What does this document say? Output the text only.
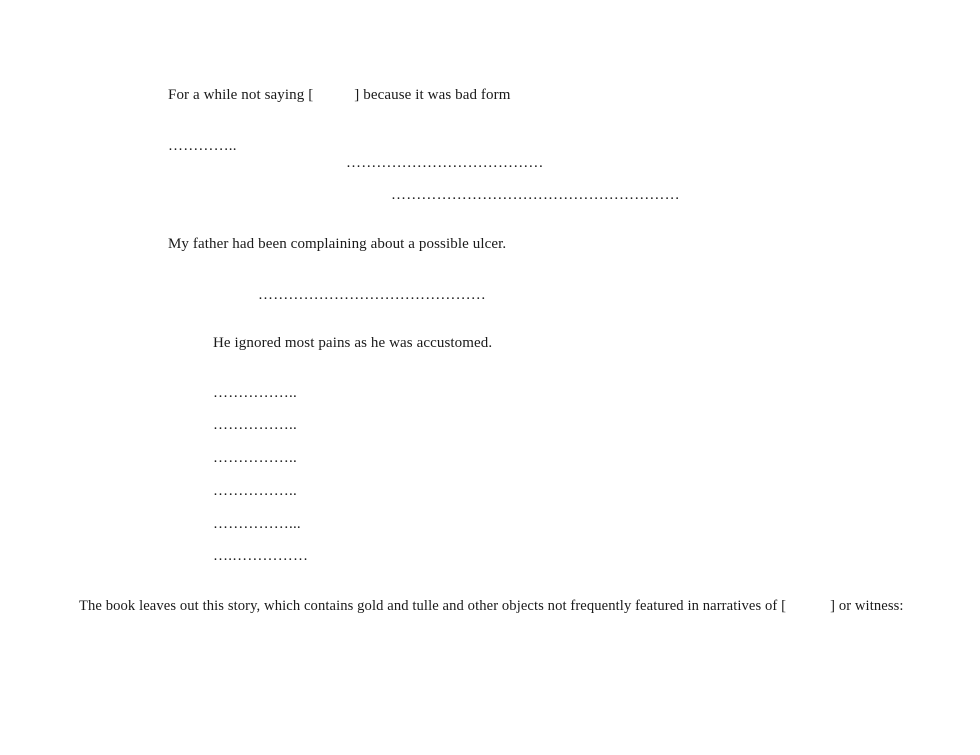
For a while not saying [	] because it was bad form
…………..
…………………………………
…………………………………………………
My father had been complaining about a possible ulcer.
………………………………………
He ignored most pains as he was accustomed.
……………..
……………..
……………..
……………..
……………...
….……………
The book leaves out this story, which contains gold and tulle and other objects not frequently featured in narratives of [	] or witness:
